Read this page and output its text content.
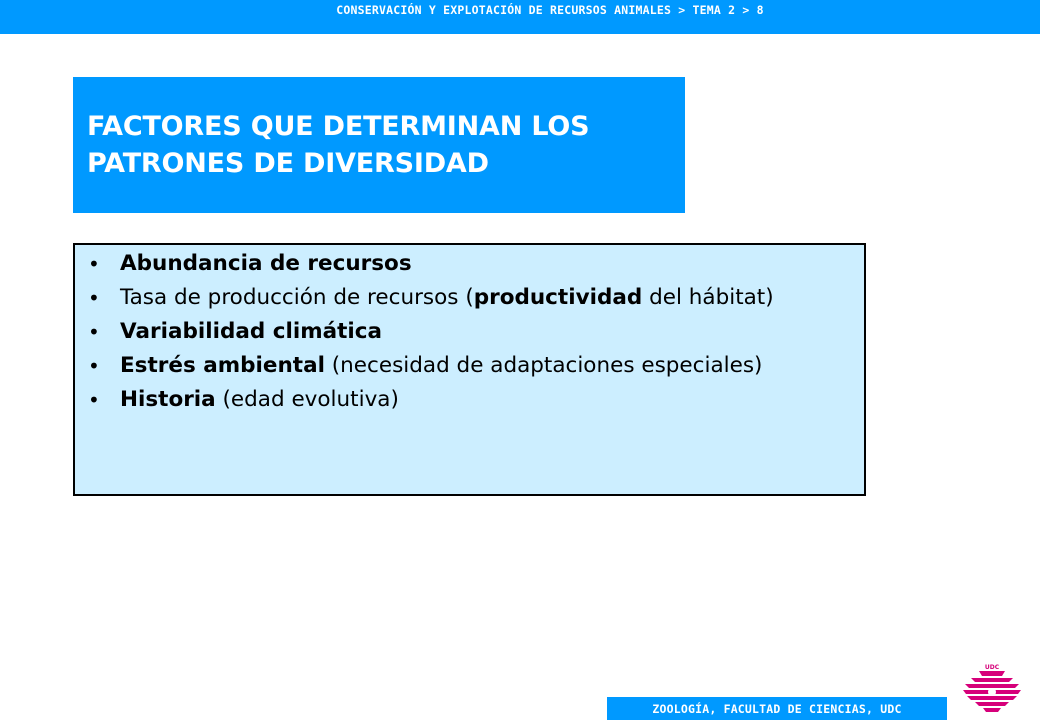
CONSERVACIÓN Y EXPLOTACIÓN DE RECURSOS ANIMALES > TEMA 2 > 8
FACTORES QUE DETERMINAN LOS
PATRONES DE DIVERSIDAD
• Abundancia de recursos
• Tasa de producción de recursos (productividad del hábitat)
• Variabilidad climática
• Estrés ambiental (necesidad de adaptaciones especiales)
• Historia (edad evolutiva)
ZOOLOGÍA, FACULTAD DE CIENCIAS, UDC
UDC
